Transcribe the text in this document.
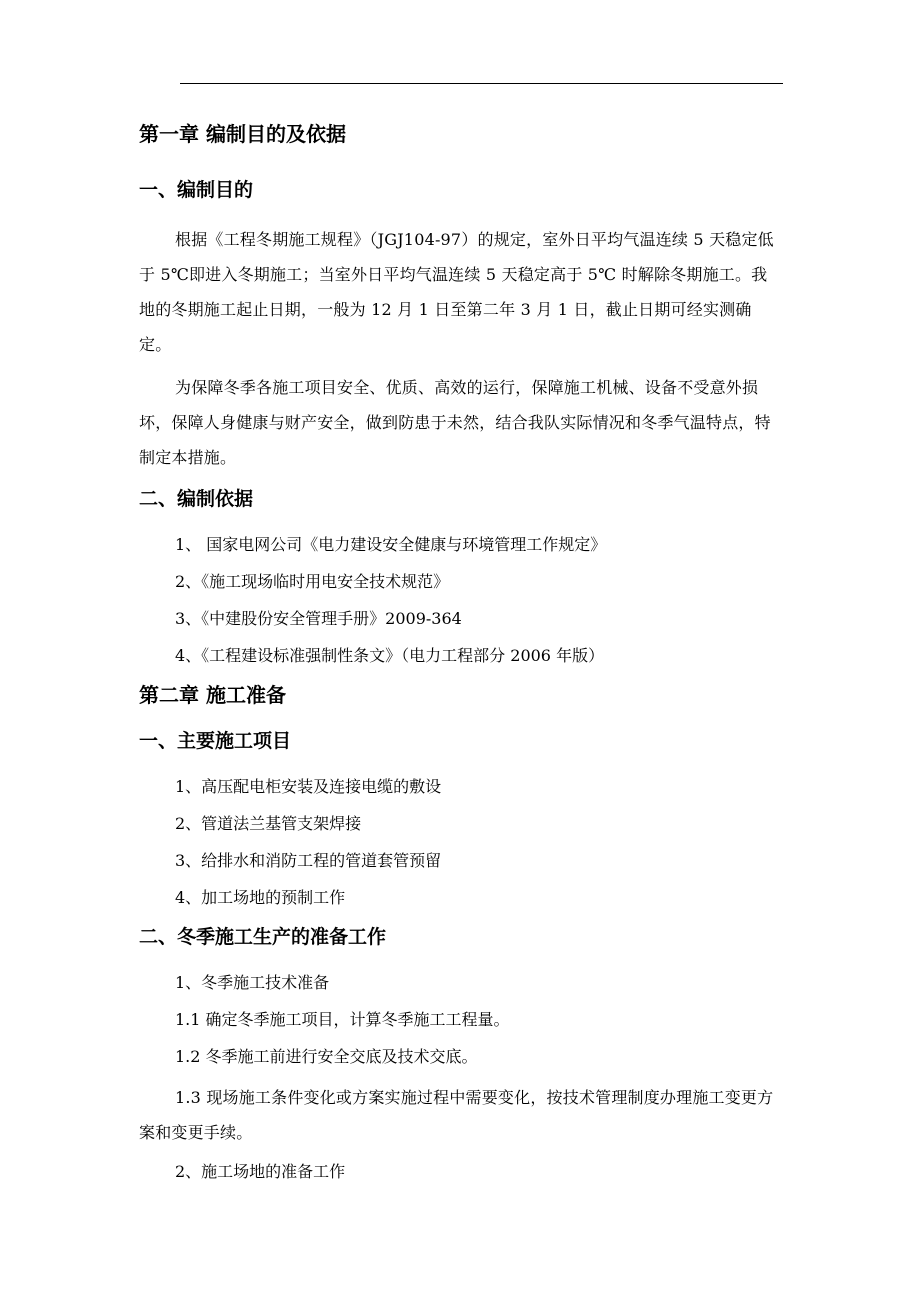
第一章 编制目的及依据
一、编制目的

根据《工程冬期施工规程》（JGJ104-97）的规定，室外日平均气温连续 5 天稳定低于 5℃即进入冬期施工；当室外日平均气温连续 5 天稳定高于 5℃ 时解除冬期施工。我地的冬期施工起止日期，一般为 12 月 1 日至第二年 3 月 1 日，截止日期可经实测确定。

为保障冬季各施工项目安全、优质、高效的运行，保障施工机械、设备不受意外损坏，保障人身健康与财产安全，做到防患于未然，结合我队实际情况和冬季气温特点，特制定本措施。

二、编制依据
1、 国家电网公司《电力建设安全健康与环境管理工作规定》
2、《施工现场临时用电安全技术规范》
3、《中建股份安全管理手册》2009-364
4、《工程建设标准强制性条文》（电力工程部分 2006 年版）
第二章 施工准备
一、主要施工项目
1、高压配电柜安装及连接电缆的敷设
2、管道法兰基管支架焊接
3、给排水和消防工程的管道套管预留
4、加工场地的预制工作
二、冬季施工生产的准备工作
1、冬季施工技术准备
1.1 确定冬季施工项目，计算冬季施工工程量。
1.2 冬季施工前进行安全交底及技术交底。

1.3 现场施工条件变化或方案实施过程中需要变化，按技术管理制度办理施工变更方案和变更手续。

2、施工场地的准备工作
